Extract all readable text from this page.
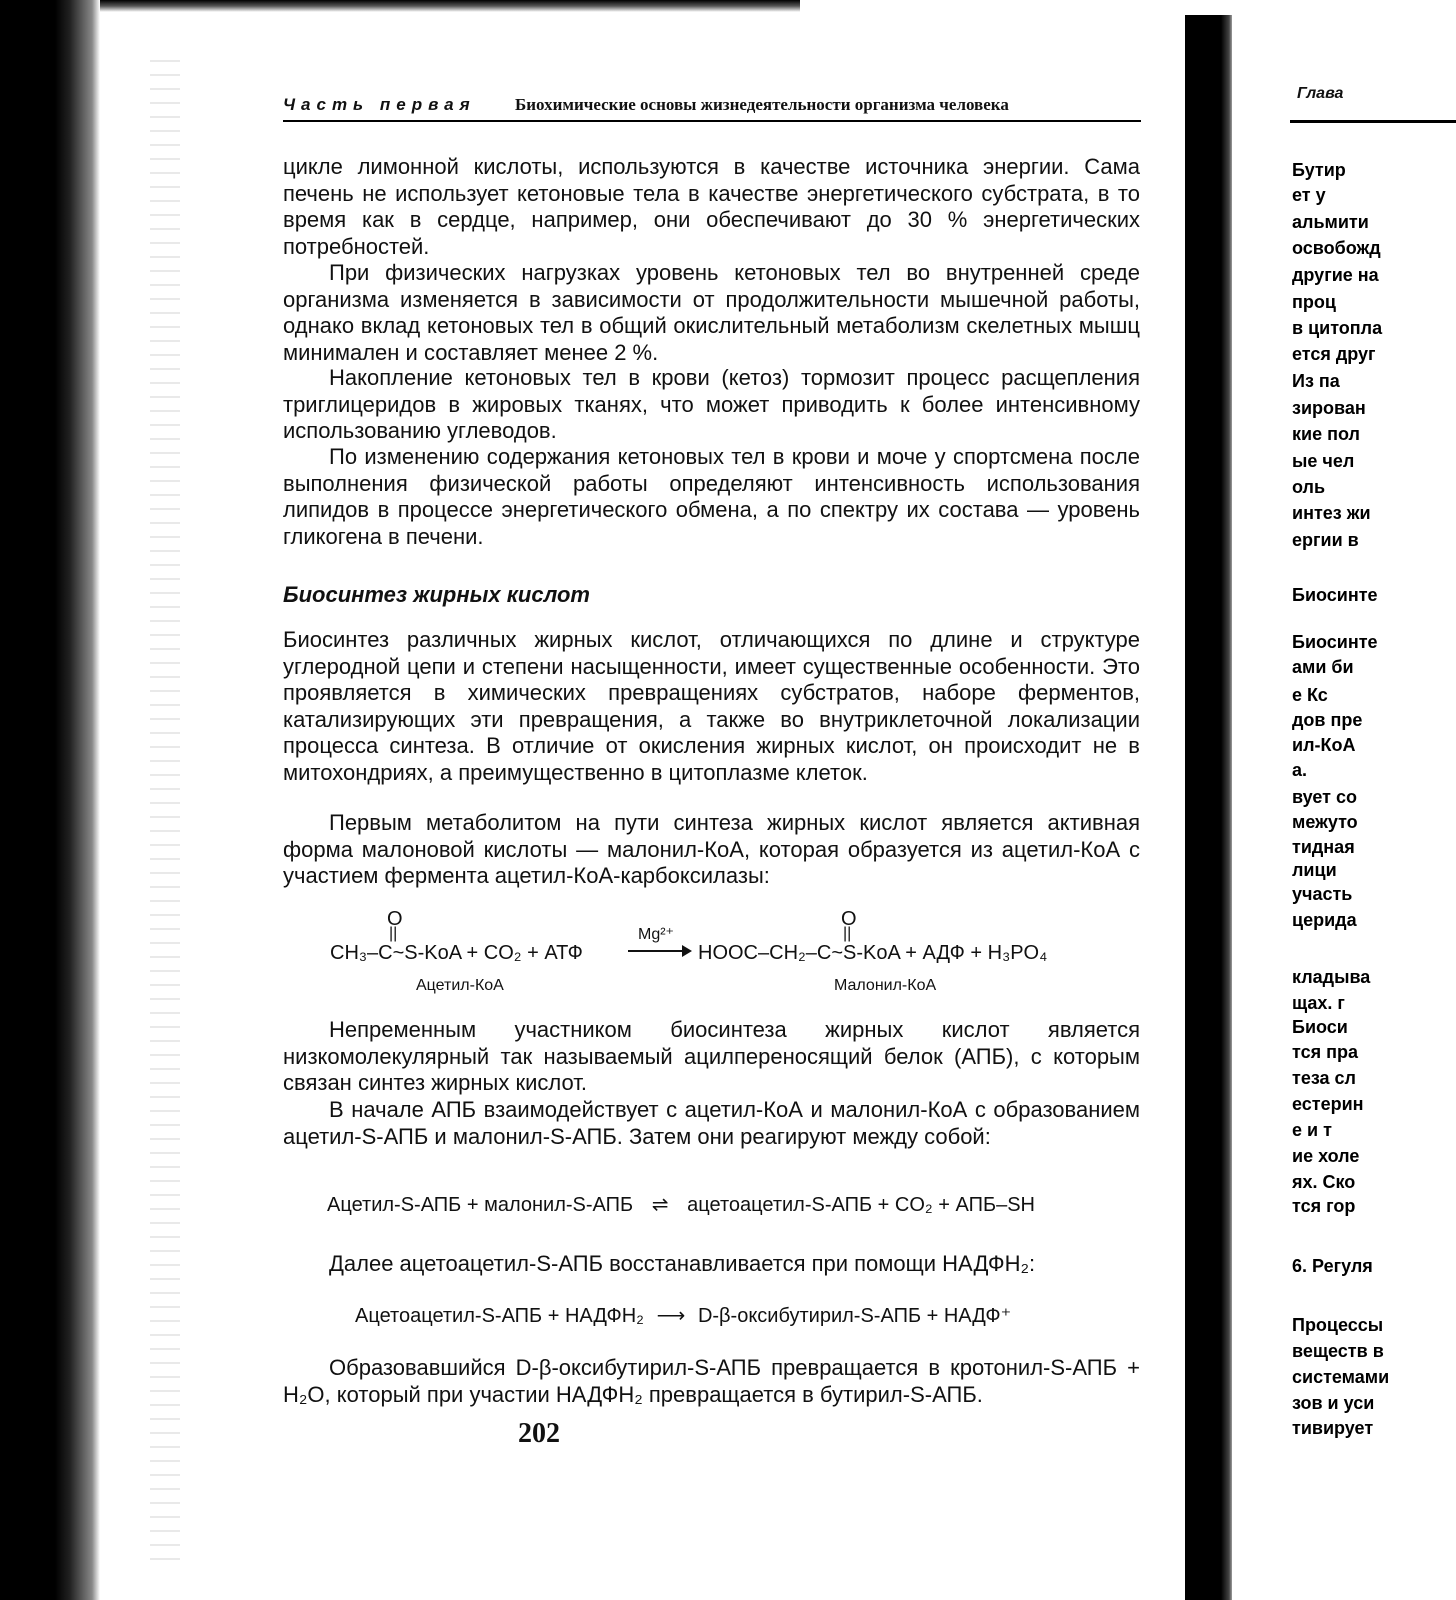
Часть первая Биохимические основы жизнедеятельности организма человека
цикле лимонной кислоты, используются в качестве источника энергии. Сама печень не использует кетоновые тела в качестве энергетического субстрата, в то время как в сердце, например, они обеспечивают до 30 % энергетических потребностей.
При физических нагрузках уровень кетоновых тел во внутренней среде организма изменяется в зависимости от продолжительности мышечной работы, однако вклад кетоновых тел в общий окислительный метаболизм скелетных мышц минимален и составляет менее 2 %.
Накопление кетоновых тел в крови (кетоз) тормозит процесс расщепления триглицеридов в жировых тканях, что может приводить к более интенсивному использованию углеводов.
По изменению содержания кетоновых тел в крови и моче у спортсмена после выполнения физической работы определяют интенсивность использования липидов в процессе энергетического обмена, а по спектру их состава — уровень гликогена в печени.
Биосинтез жирных кислот
Биосинтез различных жирных кислот, отличающихся по длине и структуре углеродной цепи и степени насыщенности, имеет существенные особенности. Это проявляется в химических превращениях субстратов, наборе ферментов, катализирующих эти превращения, а также во внутриклеточной локализации процесса синтеза. В отличие от окисления жирных кислот, он происходит не в митохондриях, а преимущественно в цитоплазме клеток.
Первым метаболитом на пути синтеза жирных кислот является активная форма малоновой кислоты — малонил-КоА, которая образуется из ацетил-КоА с участием фермента ацетил-КоА-карбоксилазы:
O
||
O
||
CH₃–C~S-KoA + CO₂ + АТФ
Mg²⁺
HOOC–CH₂–C~S-KoA + АДФ + H₃PO₄
Ацетил-КоА	Малонил-КоА
Непременным участником биосинтеза жирных кислот является низкомолекулярный так называемый ацилпереносящий белок (АПБ), с которым связан синтез жирных кислот.
В начале АПБ взаимодействует с ацетил-КоА и малонил-КоА с образованием ацетил-S-АПБ и малонил-S-АПБ. Затем они реагируют между собой:
Ацетил-S-АПБ + малонил-S-АПБ ⇌ ацетоацетил-S-АПБ + CO₂ + АПБ–SH
Далее ацетоацетил-S-АПБ восстанавливается при помощи НАДФН₂:
Ацетоацетил-S-АПБ + НАДФН₂ ⟶ D-β-оксибутирил-S-АПБ + НАДФ⁺
Образовавшийся D-β-оксибутирил-S-АПБ превращается в кротонил-S-АПБ + H₂O, который при участии НАДФН₂ превращается в бутирил-S-АПБ.
202
Глава
Бутир
ет у
альмити
освобожд
другие на
проц
в цитопла
ется друг
Из па
зирован
кие пол
ые чел
оль
интез жи
ергии в
Биосинте
Биосинте
ами би
е Кс
дов пре
ил-КоА
а.
вует со
межуто
тидная
лици
участь
церида
кладыва
щах. г
Биоси
тся пра
теза сл
естерин
е и т
ие холе
ях. Ско
тся гор
6. Регуля
Процессы
веществ в
системами
зов и уси
тивирует
